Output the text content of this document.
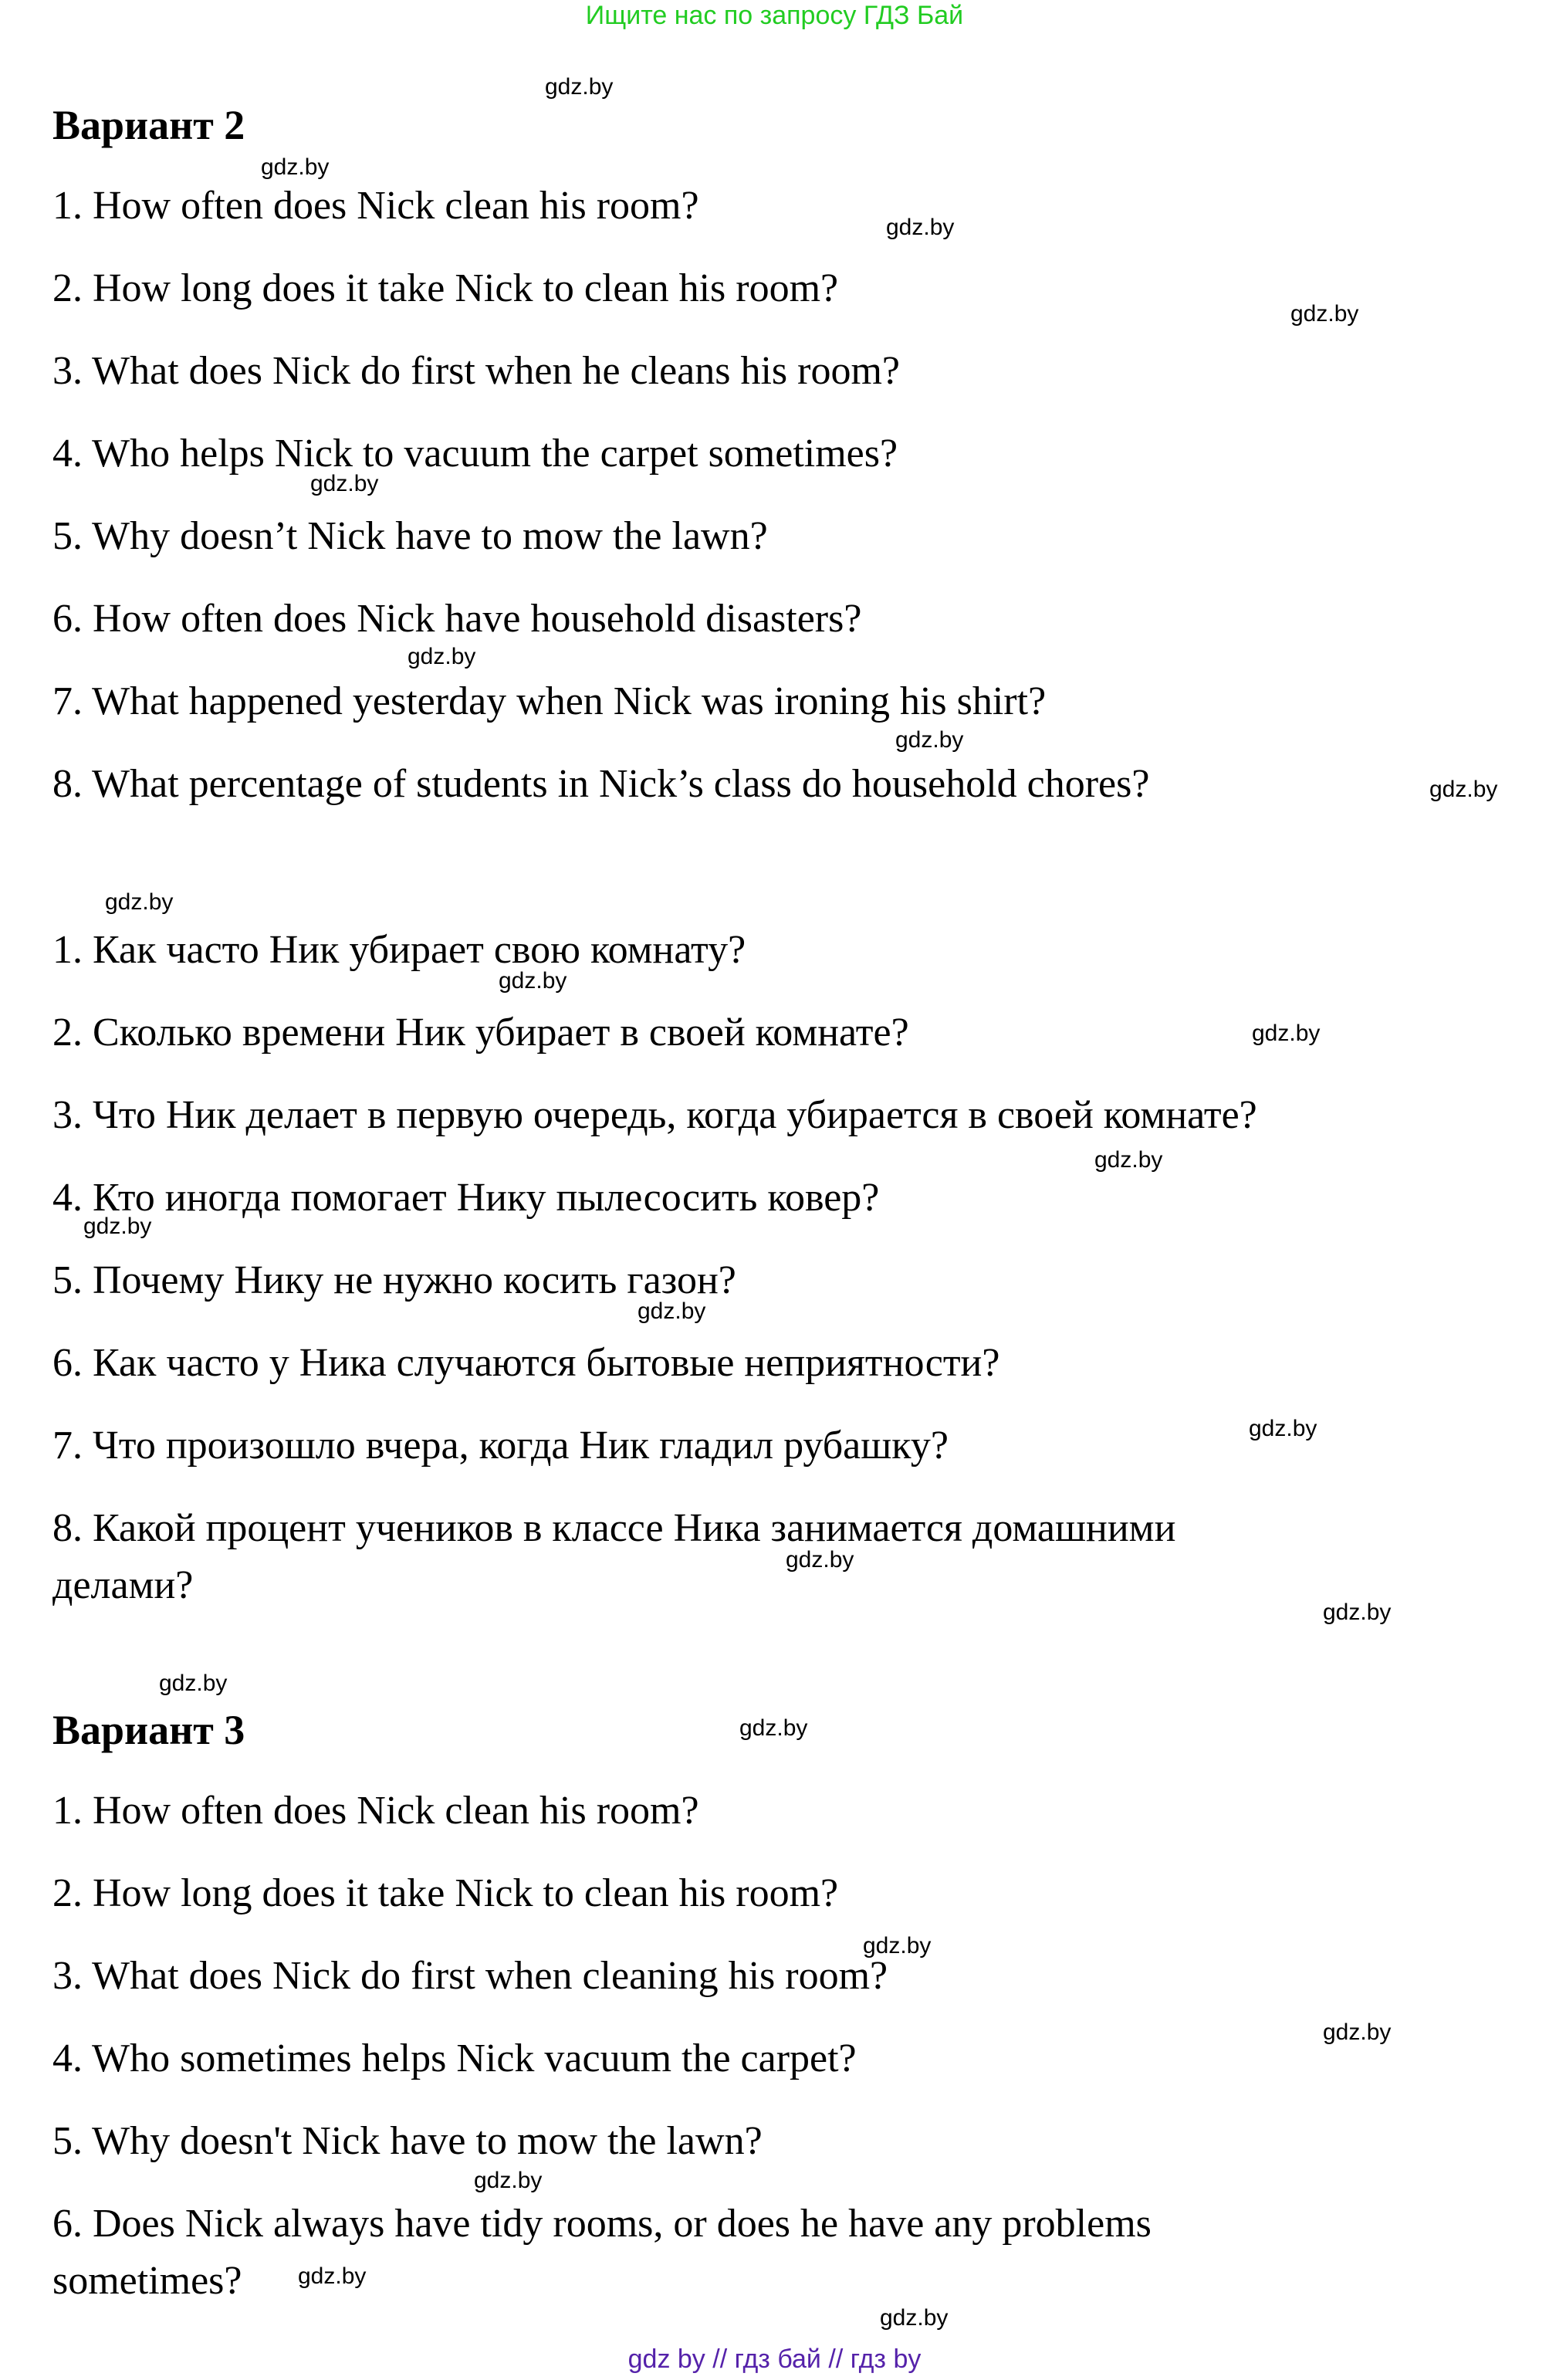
Ищите нас по запросу ГДЗ Бай
Вариант 2
1. How often does Nick clean his room?
2. How long does it take Nick to clean his room?
3. What does Nick do first when he cleans his room?
4. Who helps Nick to vacuum the carpet sometimes?
5. Why doesn’t Nick have to mow the lawn?
6. How often does Nick have household disasters?
7. What happened yesterday when Nick was ironing his shirt?
8. What percentage of students in Nick’s class do household chores?
1. Как часто Ник убирает свою комнату?
2. Сколько времени Ник убирает в своей комнате?
3. Что Ник делает в первую очередь, когда убирается в своей комнате?
4. Кто иногда помогает Нику пылесосить ковер?
5. Почему Нику не нужно косить газон?
6. Как часто у Ника случаются бытовые неприятности?
7. Что произошло вчера, когда Ник гладил рубашку?
8. Какой процент учеников в классе Ника занимается домашними
делами?
Вариант 3
1. How often does Nick clean his room?
2. How long does it take Nick to clean his room?
3. What does Nick do first when cleaning his room?
4. Who sometimes helps Nick vacuum the carpet?
5. Why doesn't Nick have to mow the lawn?
6. Does Nick always have tidy rooms, or does he have any problems
sometimes?
gdz.by
gdz.by
gdz.by
gdz.by
gdz.by
gdz.by
gdz.by
gdz.by
gdz.by
gdz.by
gdz.by
gdz.by
gdz.by
gdz.by
gdz.by
gdz.by
gdz.by
gdz.by
gdz.by
gdz.by
gdz.by
gdz.by
gdz.by
gdz.by
gdz by // гдз бай // гдз by
